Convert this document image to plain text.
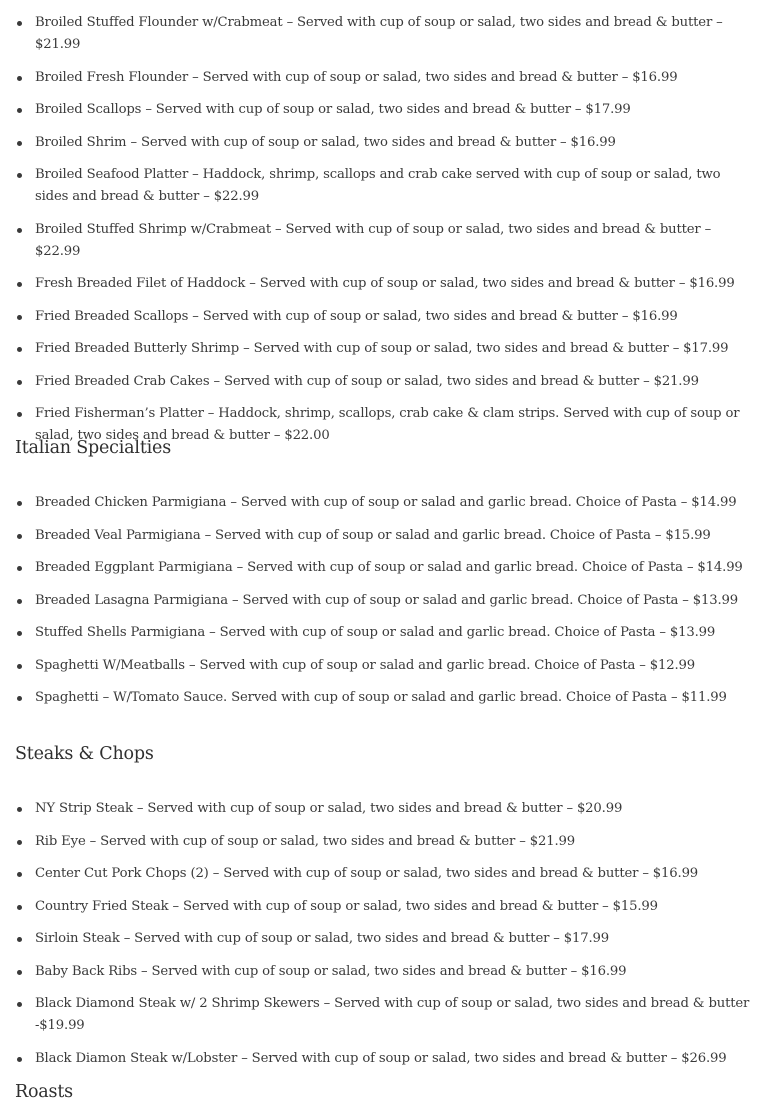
Broiled Stuffed Flounder w/Crabmeat – Served with cup of soup or salad, two sides and bread & butter – $21.99
Broiled Fresh Flounder – Served with cup of soup or salad, two sides and bread & butter – $16.99
Broiled Scallops – Served with cup of soup or salad, two sides and bread & butter – $17.99
Broiled Shrim – Served with cup of soup or salad, two sides and bread & butter – $16.99
Broiled Seafood Platter – Haddock, shrimp, scallops and crab cake served with cup of soup or salad, two sides and bread & butter – $22.99
Broiled Stuffed Shrimp w/Crabmeat – Served with cup of soup or salad, two sides and bread & butter – $22.99
Fresh Breaded Filet of Haddock – Served with cup of soup or salad, two sides and bread & butter – $16.99
Fried Breaded Scallops – Served with cup of soup or salad, two sides and bread & butter – $16.99
Fried Breaded Butterly Shrimp – Served with cup of soup or salad, two sides and bread & butter – $17.99
Fried Breaded Crab Cakes – Served with cup of soup or salad, two sides and bread & butter – $21.99
Fried Fisherman’s Platter – Haddock, shrimp, scallops, crab cake & clam strips. Served with cup of soup or salad, two sides and bread & butter – $22.00
Italian Specialties
Breaded Chicken Parmigiana – Served with cup of soup or salad and garlic bread. Choice of Pasta – $14.99
Breaded Veal Parmigiana – Served with cup of soup or salad and garlic bread. Choice of Pasta – $15.99
Breaded Eggplant Parmigiana – Served with cup of soup or salad and garlic bread. Choice of Pasta – $14.99
Breaded Lasagna Parmigiana – Served with cup of soup or salad and garlic bread. Choice of Pasta – $13.99
Stuffed Shells Parmigiana – Served with cup of soup or salad and garlic bread. Choice of Pasta – $13.99
Spaghetti W/Meatballs – Served with cup of soup or salad and garlic bread. Choice of Pasta – $12.99
Spaghetti – W/Tomato Sauce. Served with cup of soup or salad and garlic bread. Choice of Pasta – $11.99
Steaks & Chops
NY Strip Steak – Served with cup of soup or salad, two sides and bread & butter – $20.99
Rib Eye – Served with cup of soup or salad, two sides and bread & butter – $21.99
Center Cut Pork Chops (2) – Served with cup of soup or salad, two sides and bread & butter – $16.99
Country Fried Steak – Served with cup of soup or salad, two sides and bread & butter – $15.99
Sirloin Steak – Served with cup of soup or salad, two sides and bread & butter – $17.99
Baby Back Ribs – Served with cup of soup or salad, two sides and bread & butter – $16.99
Black Diamond Steak w/ 2 Shrimp Skewers – Served with cup of soup or salad, two sides and bread & butter -$19.99
Black Diamon Steak w/Lobster – Served with cup of soup or salad, two sides and bread & butter – $26.99
Roasts
